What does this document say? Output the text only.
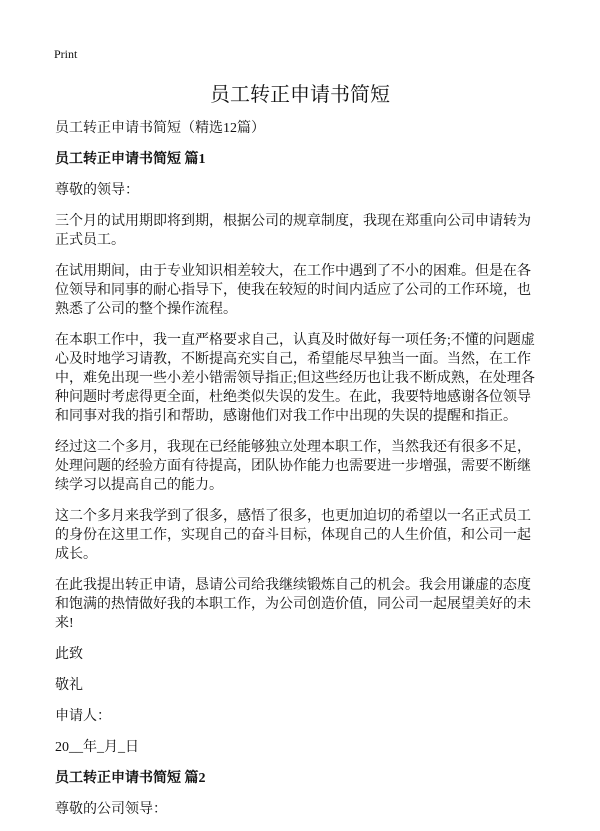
Print
员工转正申请书简短
员工转正申请书简短（精选12篇）
员工转正申请书简短 篇1
尊敬的领导：
三个月的试用期即将到期，根据公司的规章制度，我现在郑重向公司申请转为正式员工。
在试用期间，由于专业知识相差较大，在工作中遇到了不小的困难。但是在各位领导和同事的耐心指导下，使我在较短的时间内适应了公司的工作环境，也熟悉了公司的整个操作流程。
在本职工作中，我一直严格要求自己，认真及时做好每一项任务;不懂的问题虚心及时地学习请教，不断提高充实自己，希望能尽早独当一面。当然，在工作中，难免出现一些小差小错需领导指正;但这些经历也让我不断成熟，在处理各种问题时考虑得更全面，杜绝类似失误的发生。在此，我要特地感谢各位领导和同事对我的指引和帮助，感谢他们对我工作中出现的失误的提醒和指正。
经过这二个多月，我现在已经能够独立处理本职工作，当然我还有很多不足，处理问题的经验方面有待提高，团队协作能力也需要进一步增强，需要不断继续学习以提高自己的能力。
这二个多月来我学到了很多，感悟了很多，也更加迫切的希望以一名正式员工的身份在这里工作，实现自己的奋斗目标，体现自己的人生价值，和公司一起成长。
在此我提出转正申请，恳请公司给我继续锻炼自己的机会。我会用谦虚的态度和饱满的热情做好我的本职工作，为公司创造价值，同公司一起展望美好的未来!
此致
敬礼
申请人：
20__年_月_日
员工转正申请书简短 篇2
尊敬的公司领导：
